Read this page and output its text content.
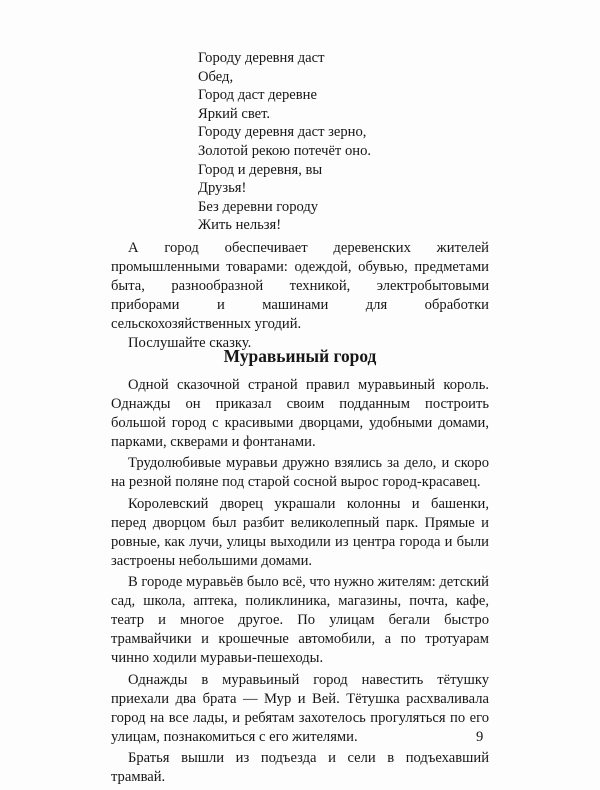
Городу деревня даст
Обед,
Город даст деревне
Яркий свет.
Городу деревня даст зерно,
Золотой рекою потечёт оно.
Город и деревня, вы
Друзья!
Без деревни городу
Жить нельзя!

А город обеспечивает деревенских жителей промышленными товарами: одеждой, обувью, предметами быта, разнообразной техникой, электробытовыми приборами и машинами для обработки сельскохозяйственных угодий.

Послушайте сказку.

Муравьиный город

Одной сказочной страной правил муравьиный король. Однажды он приказал своим подданным построить большой город с красивыми дворцами, удобными домами, парками, скверами и фонтанами.

Трудолюбивые муравьи дружно взялись за дело, и скоро на резной поляне под старой сосной вырос город-красавец.

Королевский дворец украшали колонны и башенки, перед дворцом был разбит великолепный парк. Прямые и ровные, как лучи, улицы выходили из центра города и были застроены небольшими домами.

В городе муравьёв было всё, что нужно жителям: детский сад, школа, аптека, поликлиника, магазины, почта, кафе, театр и многое другое. По улицам бегали быстро трамвайчики и крошечные автомобили, а по тротуарам чинно ходили муравьи-пешеходы.

Однажды в муравьиный город навестить тётушку приехали два брата — Мур и Вей. Тётушка расхваливала город на все лады, и ребятам захотелось прогуляться по его улицам, познакомиться с его жителями.

Братья вышли из подъезда и сели в подъехавший трамвай.

9
